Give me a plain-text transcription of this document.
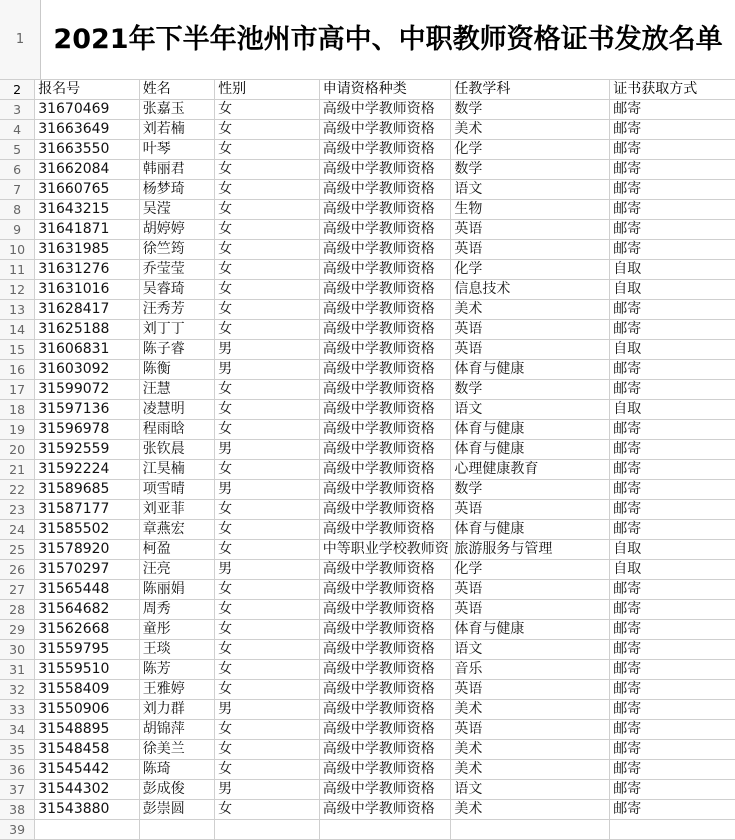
1	2021年下半年池州市高中、中职教师资格证书发放名单
2	报名号	姓名	性别	申请资格种类	任教学科	证书获取方式
3	31670469	张嘉玉	女	高级中学教师资格	数学	邮寄
4	31663649	刘若楠	女	高级中学教师资格	美术	邮寄
5	31663550	叶琴	女	高级中学教师资格	化学	邮寄
6	31662084	韩丽君	女	高级中学教师资格	数学	邮寄
7	31660765	杨梦琦	女	高级中学教师资格	语文	邮寄
8	31643215	吴滢	女	高级中学教师资格	生物	邮寄
9	31641871	胡婷婷	女	高级中学教师资格	英语	邮寄
10	31631985	徐竺筠	女	高级中学教师资格	英语	邮寄
11	31631276	乔莹莹	女	高级中学教师资格	化学	自取
12	31631016	吴睿琦	女	高级中学教师资格	信息技术	自取
13	31628417	汪秀芳	女	高级中学教师资格	美术	邮寄
14	31625188	刘丁丁	女	高级中学教师资格	英语	邮寄
15	31606831	陈子睿	男	高级中学教师资格	英语	自取
16	31603092	陈衡	男	高级中学教师资格	体育与健康	邮寄
17	31599072	汪慧	女	高级中学教师资格	数学	邮寄
18	31597136	凌慧明	女	高级中学教师资格	语文	自取
19	31596978	程雨晗	女	高级中学教师资格	体育与健康	邮寄
20	31592559	张钦晨	男	高级中学教师资格	体育与健康	邮寄
21	31592224	江昊楠	女	高级中学教师资格	心理健康教育	邮寄
22	31589685	项雪晴	男	高级中学教师资格	数学	邮寄
23	31587177	刘亚菲	女	高级中学教师资格	英语	邮寄
24	31585502	章燕宏	女	高级中学教师资格	体育与健康	邮寄
25	31578920	柯盈	女	中等职业学校教师资	旅游服务与管理	自取
26	31570297	汪亮	男	高级中学教师资格	化学	自取
27	31565448	陈丽娟	女	高级中学教师资格	英语	邮寄
28	31564682	周秀	女	高级中学教师资格	英语	邮寄
29	31562668	童彤	女	高级中学教师资格	体育与健康	邮寄
30	31559795	王琰	女	高级中学教师资格	语文	邮寄
31	31559510	陈芳	女	高级中学教师资格	音乐	邮寄
32	31558409	王雅婷	女	高级中学教师资格	英语	邮寄
33	31550906	刘力群	男	高级中学教师资格	美术	邮寄
34	31548895	胡锦萍	女	高级中学教师资格	英语	邮寄
35	31548458	徐美兰	女	高级中学教师资格	美术	邮寄
36	31545442	陈琦	女	高级中学教师资格	美术	邮寄
37	31544302	彭成俊	男	高级中学教师资格	语文	邮寄
38	31543880	彭崇圆	女	高级中学教师资格	美术	邮寄
39						
